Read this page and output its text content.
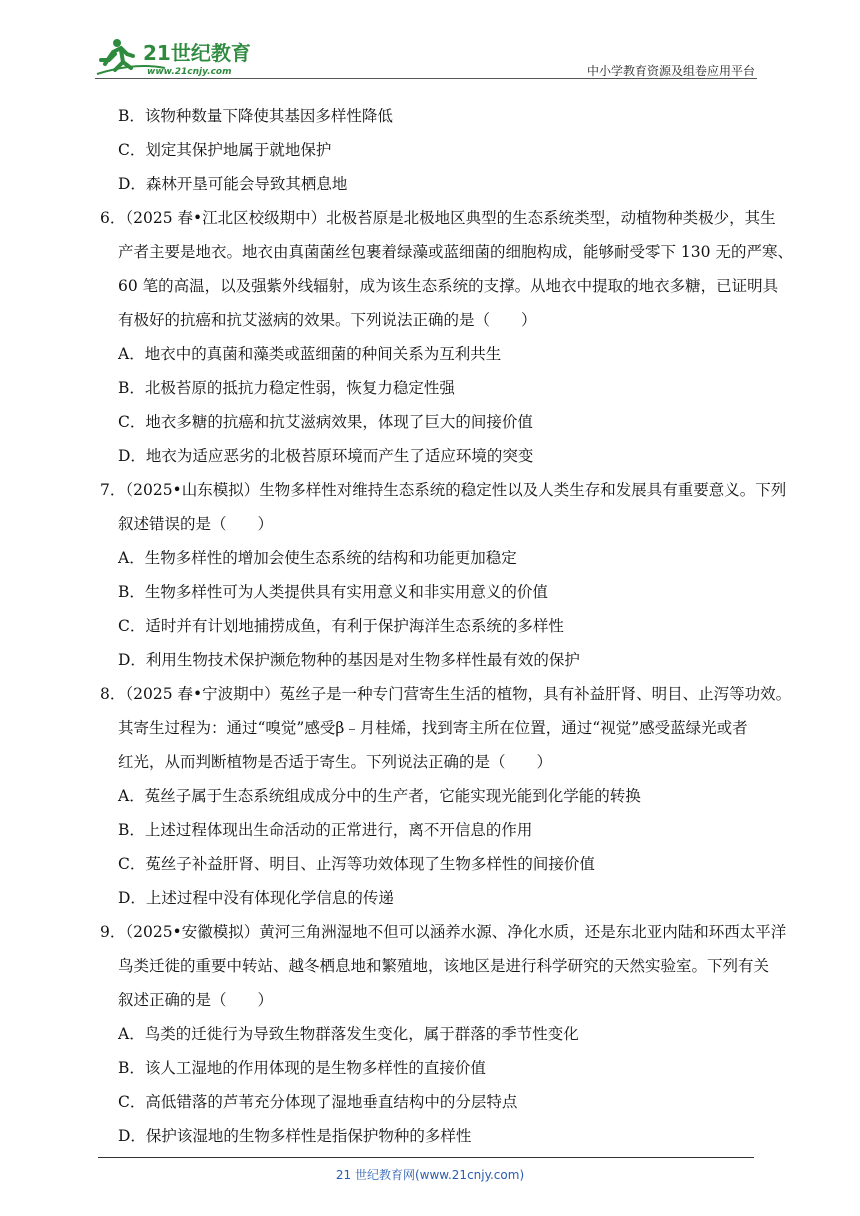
21世纪教育
www.21cnjy.com	中小学教育资源及组卷应用平台
B．该物种数量下降使其基因多样性降低
C．划定其保护地属于就地保护
D．森林开垦可能会导致其栖息地
6．（2025 春•江北区校级期中）北极苔原是北极地区典型的生态系统类型，动植物种类极少，其生
产者主要是地衣。地衣由真菌菌丝包裹着绿藻或蓝细菌的细胞构成，能够耐受零下 130 无的严寒、
60 笔的高温，以及强紫外线辐射，成为该生态系统的支撑。从地衣中提取的地衣多糖，已证明具
有极好的抗癌和抗艾滋病的效果。下列说法正确的是（　　）
A．地衣中的真菌和藻类或蓝细菌的种间关系为互利共生
B．北极苔原的抵抗力稳定性弱，恢复力稳定性强
C．地衣多糖的抗癌和抗艾滋病效果，体现了巨大的间接价值
D．地衣为适应恶劣的北极苔原环境而产生了适应环境的突变
7．（2025•山东模拟）生物多样性对维持生态系统的稳定性以及人类生存和发展具有重要意义。下列
叙述错误的是（　　）
A．生物多样性的增加会使生态系统的结构和功能更加稳定
B．生物多样性可为人类提供具有实用意义和非实用意义的价值
C．适时并有计划地捕捞成鱼，有利于保护海洋生态系统的多样性
D．利用生物技术保护濒危物种的基因是对生物多样性最有效的保护
8．（2025 春•宁波期中）菟丝子是一种专门营寄生生活的植物，具有补益肝肾、明目、止泻等功效。
其寄生过程为：通过“嗅觉”感受β﹣月桂烯，找到寄主所在位置，通过“视觉”感受蓝绿光或者
红光，从而判断植物是否适于寄生。下列说法正确的是（　　）
A．菟丝子属于生态系统组成成分中的生产者，它能实现光能到化学能的转换
B．上述过程体现出生命活动的正常进行，离不开信息的作用
C．菟丝子补益肝肾、明目、止泻等功效体现了生物多样性的间接价值
D．上述过程中没有体现化学信息的传递
9．（2025•安徽模拟）黄河三角洲湿地不但可以涵养水源、净化水质，还是东北亚内陆和环西太平洋
鸟类迁徙的重要中转站、越冬栖息地和繁殖地，该地区是进行科学研究的天然实验室。下列有关
叙述正确的是（　　）
A．鸟类的迁徙行为导致生物群落发生变化，属于群落的季节性变化
B．该人工湿地的作用体现的是生物多样性的直接价值
C．高低错落的芦苇充分体现了湿地垂直结构中的分层特点
D．保护该湿地的生物多样性是指保护物种的多样性
21 世纪教育网(www.21cnjy.com)
